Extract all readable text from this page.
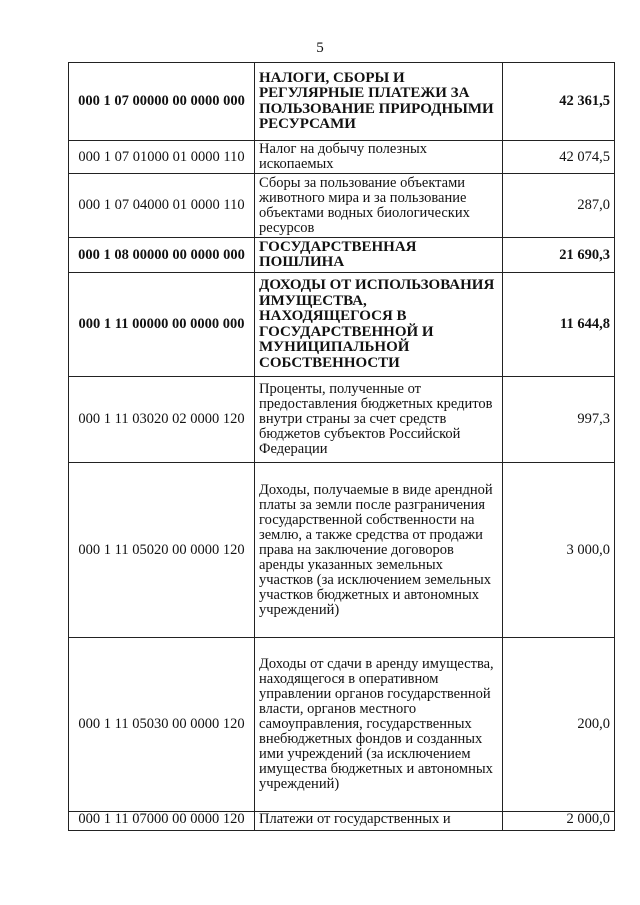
5
000 1 07 00000 00 0000 000	НАЛОГИ, СБОРЫ И РЕГУЛЯРНЫЕ ПЛАТЕЖИ ЗА ПОЛЬЗОВАНИЕ ПРИРОДНЫМИ РЕСУРСАМИ	42 361,5
000 1 07 01000 01 0000 110	Налог на добычу полезных ископаемых	42 074,5
000 1 07 04000 01 0000 110	Сборы за пользование объектами животного мира и за пользование объектами водных биологических ресурсов	287,0
000 1 08 00000 00 0000 000	ГОСУДАРСТВЕННАЯ ПОШЛИНА	21 690,3
000 1 11 00000 00 0000 000	ДОХОДЫ ОТ ИСПОЛЬЗОВАНИЯ ИМУЩЕСТВА, НАХОДЯЩЕГОСЯ В ГОСУДАРСТВЕННОЙ И МУНИЦИПАЛЬНОЙ СОБСТВЕННОСТИ	11 644,8
000 1 11 03020 02 0000 120	Проценты, полученные от предоставления бюджетных кредитов внутри страны за счет средств бюджетов субъектов Российской Федерации	997,3
000 1 11 05020 00 0000 120	Доходы, получаемые в виде арендной платы за земли после разграничения государственной собственности на землю, а также средства от продажи права на заключение договоров аренды указанных земельных участков (за исключением земельных участков бюджетных и автономных учреждений)	3 000,0
000 1 11 05030 00 0000 120	Доходы от сдачи в аренду имущества, находящегося в оперативном управлении органов государственной власти, органов местного самоуправления, государственных внебюджетных фондов и созданных ими учреждений (за исключением имущества бюджетных и автономных учреждений)	200,0
000 1 11 07000 00 0000 120	Платежи от государственных и	2 000,0
